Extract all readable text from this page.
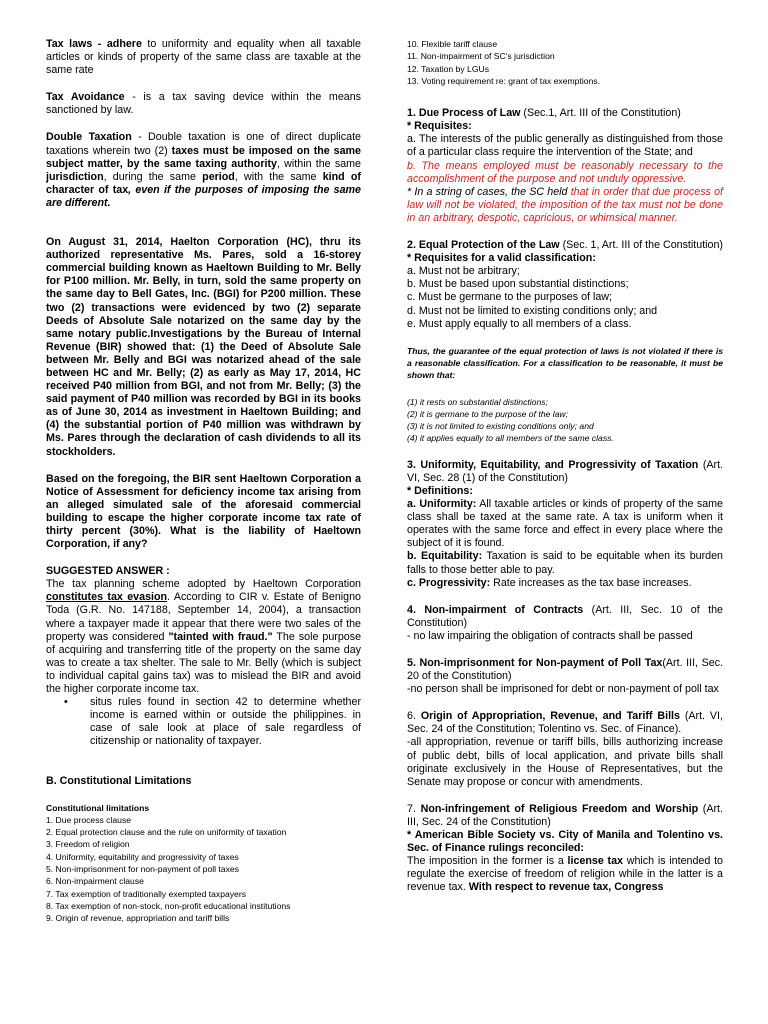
Tax laws - adhere to uniformity and equality when all taxable articles or kinds of property of the same class are taxable at the same rate

Tax Avoidance - is a tax saving device within the means sanctioned by law.

Double Taxation - Double taxation is one of direct duplicate taxations wherein two (2) taxes must be imposed on the same subject matter, by the same taxing authority, within the same jurisdiction, during the same period, with the same kind of character of tax, even if the purposes of imposing the same are different.

On August 31, 2014, Haelton Corporation (HC), thru its authorized representative Ms. Pares, sold a 16-storey commercial building known as Haeltown Building to Mr. Belly for P100 million. Mr. Belly, in turn, sold the same property on the same day to Bell Gates, Inc. (BGI) for P200 million. These two (2) transactions were evidenced by two (2) separate Deeds of Absolute Sale notarized on the same day by the same notary public.Investigations by the Bureau of Internal Revenue (BIR) showed that: (1) the Deed of Absolute Sale between Mr. Belly and BGI was notarized ahead of the sale between HC and Mr. Belly; (2) as early as May 17, 2014, HC received P40 million from BGI, and not from Mr. Belly; (3) the said payment of P40 million was recorded by BGI in its books as of June 30, 2014 as investment in Haeltown Building; and (4) the substantial portion of P40 million was withdrawn by Ms. Pares through the declaration of cash dividends to all its stockholders.

Based on the foregoing, the BIR sent Haeltown Corporation a Notice of Assessment for deficiency income tax arising from an alleged simulated sale of the aforesaid commercial building to escape the higher corporate income tax rate of thirty percent (30%). What is the liability of Haeltown Corporation, if any?

SUGGESTED ANSWER :

The tax planning scheme adopted by Haeltown Corporation constitutes tax evasion. According to CIR v. Estate of Benigno Toda (G.R. No. 147188, September 14, 2004), a transaction where a taxpayer made it appear that there were two sales of the property was considered "tainted with fraud." The sole purpose of acquiring and transferring title of the property on the same day was to create a tax shelter. The sale to Mr. Belly (which is subject to individual capital gains tax) was to mislead the BIR and avoid the higher corporate income tax.

• situs rules found in section 42 to determine whether income is earned within or outside the philippines. in case of sale look at place of sale regardless of citizenship or nationality of taxpayer.

B. Constitutional Limitations

Constitutional limitations
1. Due process clause
2. Equal protection clause and the rule on uniformity of taxation
3. Freedom of religion
4. Uniformity, equitability and progressivity of taxes
5. Non-imprisonment for non-payment of poll taxes
6. Non-impairment clause
7. Tax exemption of traditionally exempted taxpayers
8. Tax exemption of non-stock, non-profit educational institutions
9. Origin of revenue, appropriation and tariff bills
10. Flexible tariff clause
11. Non-impairment of SC's jurisdiction
12. Taxation by LGUs
13. Voting requirement re: grant of tax exemptions.

1. Due Process of Law (Sec.1, Art. III of the Constitution)

* Requisites:

a. The interests of the public generally as distinguished from those of a particular class require the intervention of the State; and

b. The means employed must be reasonably necessary to the accomplishment of the purpose and not unduly oppressive.

* In a string of cases, the SC held that in order that due process of law will not be violated, the imposition of the tax must not be done in an arbitrary, despotic, capricious, or whimsical manner.

2. Equal Protection of the Law (Sec. 1, Art. III of the Constitution)

* Requisites for a valid classification:

a. Must not be arbitrary;
b. Must be based upon substantial distinctions;
c. Must be germane to the purposes of law;
d. Must not be limited to existing conditions only; and
e. Must apply equally to all members of a class.

Thus, the guarantee of the equal protection of laws is not violated if there is a reasonable classification. For a classification to be reasonable, it must be shown that:

(1) it rests on substantial distinctions;
(2) it is germane to the purpose of the law;
(3) it is not limited to existing conditions only; and
(4) it applies equally to all members of the same class.

3. Uniformity, Equitability, and Progressivity of Taxation (Art. VI, Sec. 28 (1) of the Constitution)

* Definitions:

a. Uniformity: All taxable articles or kinds of property of the same class shall be taxed at the same rate. A tax is uniform when it operates with the same force and effect in every place where the subject of it is found.

b. Equitability: Taxation is said to be equitable when its burden falls to those better able to pay.

c. Progressivity: Rate increases as the tax base increases.

4. Non-impairment of Contracts (Art. III, Sec. 10 of the Constitution)

- no law impairing the obligation of contracts shall be passed

5. Non-imprisonment for Non-payment of Poll Tax(Art. III, Sec. 20 of the Constitution)

-no person shall be imprisoned for debt or non-payment of poll tax

6. Origin of Appropriation, Revenue, and Tariff Bills (Art. VI, Sec. 24 of the Constitution; Tolentino vs. Sec. of Finance).

-all appropriation, revenue or tariff bills, bills authorizing increase of public debt, bills of local application, and private bills shall originate exclusively in the House of Representatives, but the Senate may propose or concur with amendments.

7. Non-infringement of Religious Freedom and Worship (Art. III, Sec. 24 of the Constitution)

* American Bible Society vs. City of Manila and Tolentino vs. Sec. of Finance rulings reconciled:

The imposition in the former is a license tax which is intended to regulate the exercise of freedom of religion while in the latter is a revenue tax. With respect to revenue tax, Congress
